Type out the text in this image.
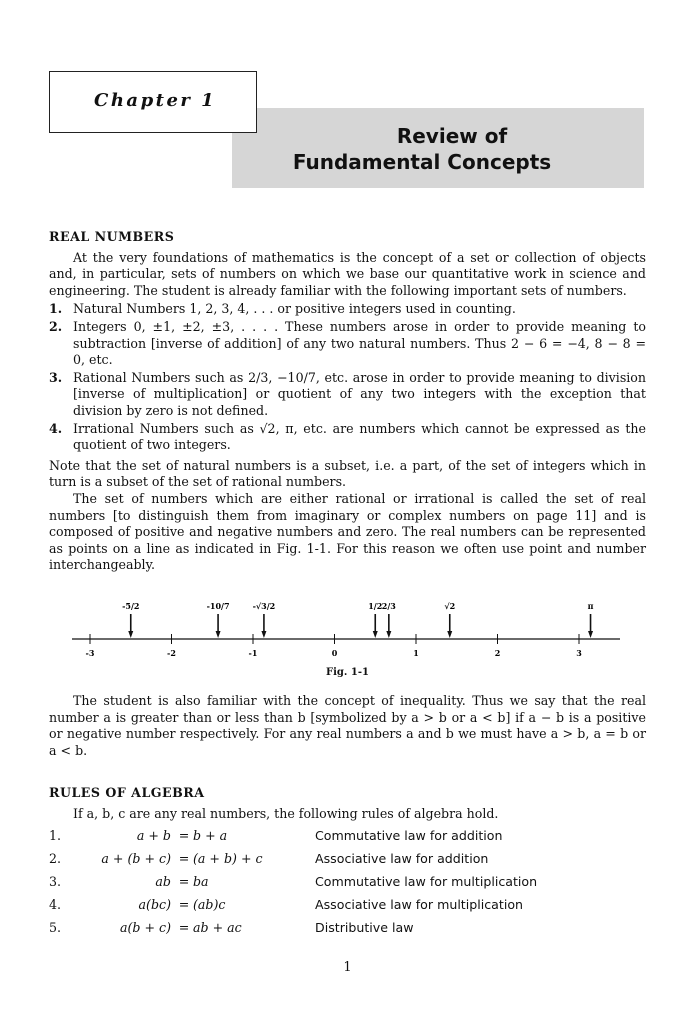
Chapter 1
Review of
Fundamental Concepts
REAL NUMBERS

At the very foundations of mathematics is the concept of a set or collection of objects and, in particular, sets of numbers on which we base our quantitative work in science and engineering. The student is already familiar with the following important sets of numbers.

1. Natural Numbers 1, 2, 3, 4, . . . or positive integers used in counting.
2. Integers 0, ±1, ±2, ±3, . . . . These numbers arose in order to provide meaning to subtraction [inverse of addition] of any two natural numbers. Thus 2 − 6 = −4, 8 − 8 = 0, etc.
3. Rational Numbers such as 2/3, −10/7, etc. arose in order to provide meaning to division [inverse of multiplication] or quotient of any two integers with the exception that division by zero is not defined.
4. Irrational Numbers such as √2, π, etc. are numbers which cannot be expressed as the quotient of two integers.

Note that the set of natural numbers is a subset, i.e. a part, of the set of integers which in turn is a subset of the set of rational numbers.

The set of numbers which are either rational or irrational is called the set of real numbers [to distinguish them from imaginary or complex numbers on page 11] and is composed of positive and negative numbers and zero. The real numbers can be represented as points on a line as indicated in Fig. 1-1. For this reason we often use point and number interchangeably.

-3	-2	-1	0	1	2	3
-5/2	-10/7	-√3/2	1/2 2/3	√2	π
Fig. 1-1

The student is also familiar with the concept of inequality. Thus we say that the real number a is greater than or less than b [symbolized by a > b or a < b] if a − b is a positive or negative number respectively. For any real numbers a and b we must have a > b, a = b or a < b.

RULES OF ALGEBRA

If a, b, c are any real numbers, the following rules of algebra hold.

1.	a + b	=	b + a	Commutative law for addition
2.	a + (b + c)	=	(a + b) + c	Associative law for addition
3.	ab	=	ba	Commutative law for multiplication
4.	a(bc)	=	(ab)c	Associative law for multiplication
5.	a(b + c)	=	ab + ac	Distributive law
1
